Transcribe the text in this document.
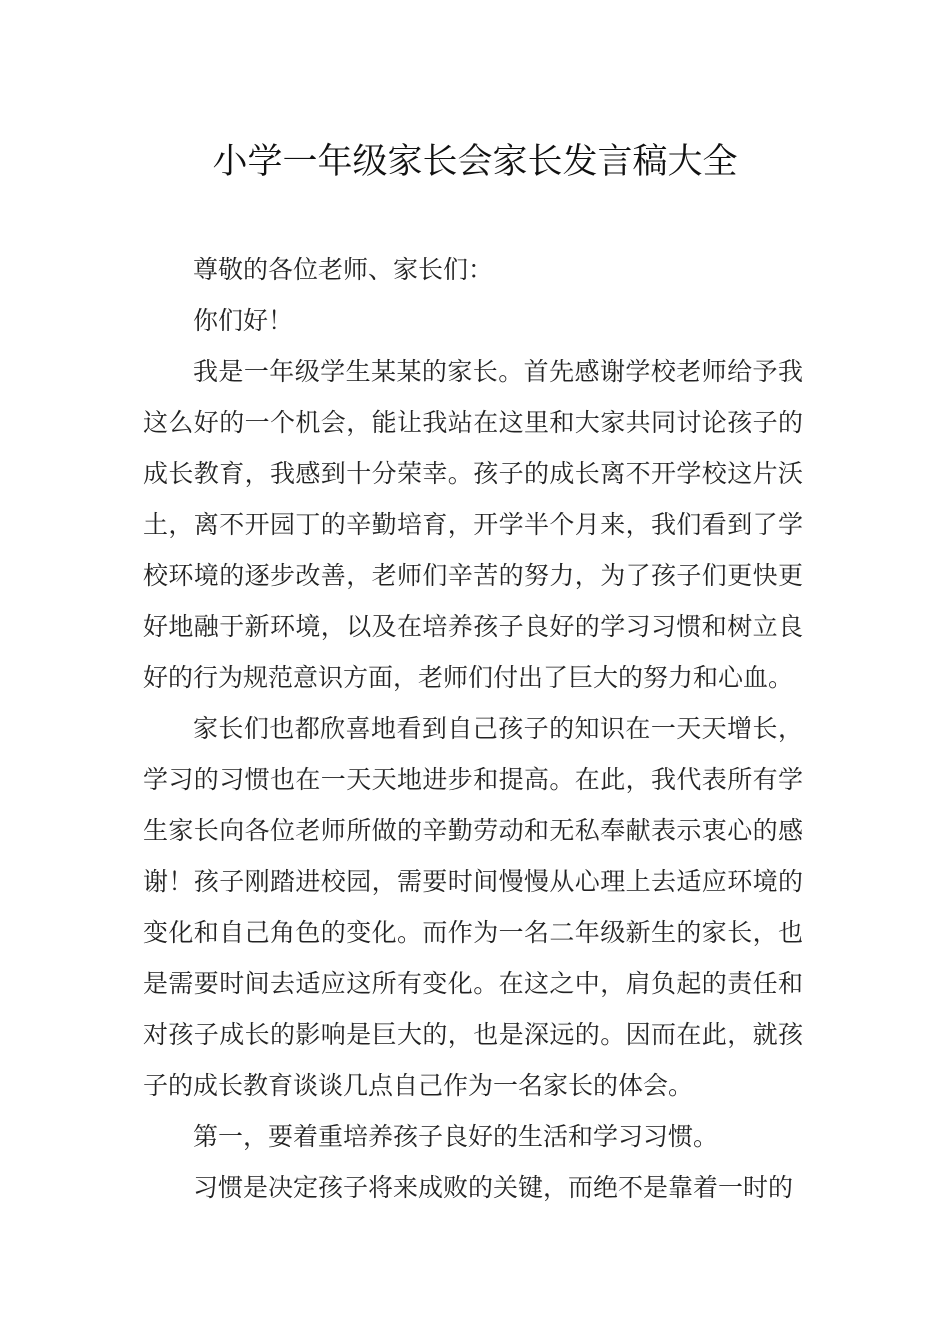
小学一年级家长会家长发言稿大全

尊敬的各位老师、家长们：

你们好！

我是一年级学生某某的家长。首先感谢学校老师给予我这么好的一个机会，能让我站在这里和大家共同讨论孩子的成长教育，我感到十分荣幸。孩子的成长离不开学校这片沃土，离不开园丁的辛勤培育，开学半个月来，我们看到了学校环境的逐步改善，老师们辛苦的努力，为了孩子们更快更好地融于新环境，以及在培养孩子良好的学习习惯和树立良好的行为规范意识方面，老师们付出了巨大的努力和心血。

家长们也都欣喜地看到自己孩子的知识在一天天增长，学习的习惯也在一天天地进步和提高。在此，我代表所有学生家长向各位老师所做的辛勤劳动和无私奉献表示衷心的感谢！孩子刚踏进校园，需要时间慢慢从心理上去适应环境的变化和自己角色的变化。而作为一名二年级新生的家长，也是需要时间去适应这所有变化。在这之中，肩负起的责任和对孩子成长的影响是巨大的，也是深远的。因而在此，就孩子的成长教育谈谈几点自己作为一名家长的体会。

第一，要着重培养孩子良好的生活和学习习惯。

习惯是决定孩子将来成败的关键，而绝不是靠着一时的
